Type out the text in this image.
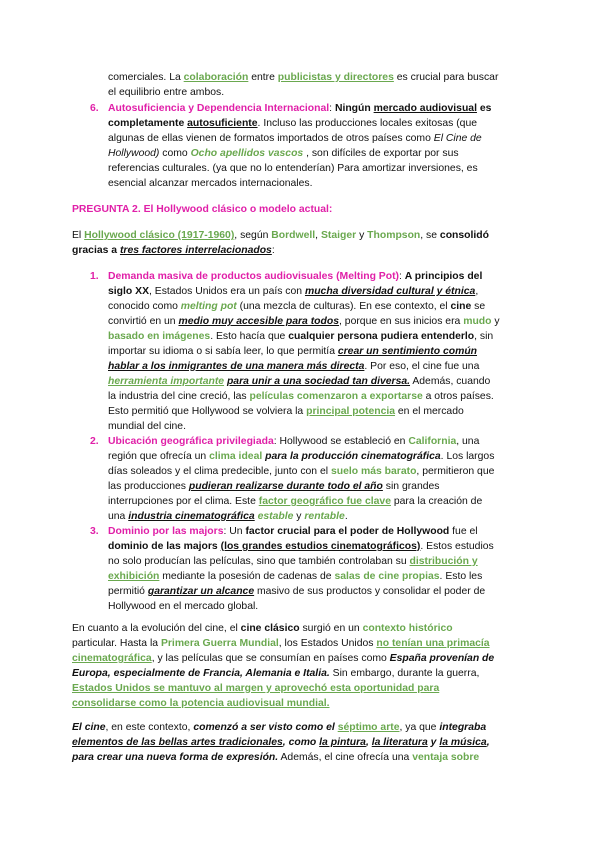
comerciales. La colaboración entre publicistas y directores es crucial para buscar
el equilibrio entre ambos.
6. Autosuficiencia y Dependencia Internacional: Ningún mercado audiovisual es
completamente autosuficiente. Incluso las producciones locales exitosas (que
algunas de ellas vienen de formatos importados de otros países como El Cine de
Hollywood) como Ocho apellidos vascos , son difíciles de exportar por sus
referencias culturales. (ya que no lo entenderían) Para amortizar inversiones, es
esencial alcanzar mercados internacionales.
PREGUNTA 2. El Hollywood clásico o modelo actual:
El Hollywood clásico (1917-1960), según Bordwell, Staiger y Thompson, se consolidó
gracias a tres factores interrelacionados:
1. Demanda masiva de productos audiovisuales (Melting Pot): A principios del
siglo XX, Estados Unidos era un país con mucha diversidad cultural y étnica,
conocido como melting pot (una mezcla de culturas). En ese contexto, el cine se
convirtió en un medio muy accesible para todos, porque en sus inicios era mudo y
basado en imágenes. Esto hacía que cualquier persona pudiera entenderlo, sin
importar su idioma o si sabía leer, lo que permitía crear un sentimiento común
hablar a los inmigrantes de una manera más directa. Por eso, el cine fue una
herramienta importante para unir a una sociedad tan diversa. Además, cuando
la industria del cine creció, las películas comenzaron a exportarse a otros países.
Esto permitió que Hollywood se volviera la principal potencia en el mercado
mundial del cine.
2. Ubicación geográfica privilegiada: Hollywood se estableció en California, una
región que ofrecía un clima ideal para la producción cinematográfica. Los largos
días soleados y el clima predecible, junto con el suelo más barato, permitieron que
las producciones pudieran realizarse durante todo el año sin grandes
interrupciones por el clima. Este factor geográfico fue clave para la creación de
una industria cinematográfica estable y rentable.
3. Dominio por las majors: Un factor crucial para el poder de Hollywood fue el
dominio de las majors (los grandes estudios cinematográficos). Estos estudios
no solo producían las películas, sino que también controlaban su distribución y
exhibición mediante la posesión de cadenas de salas de cine propias. Esto les
permitió garantizar un alcance masivo de sus productos y consolidar el poder de
Hollywood en el mercado global.
En cuanto a la evolución del cine, el cine clásico surgió en un contexto histórico
particular. Hasta la Primera Guerra Mundial, los Estados Unidos no tenían una primacía
cinematográfica, y las películas que se consumían en países como España provenían de
Europa, especialmente de Francia, Alemania e Italia. Sin embargo, durante la guerra,
Estados Unidos se mantuvo al margen y aprovechó esta oportunidad para
consolidarse como la potencia audiovisual mundial.
El cine, en este contexto, comenzó a ser visto como el séptimo arte, ya que integraba
elementos de las bellas artes tradicionales, como la pintura, la literatura y la música,
para crear una nueva forma de expresión. Además, el cine ofrecía una ventaja sobre
